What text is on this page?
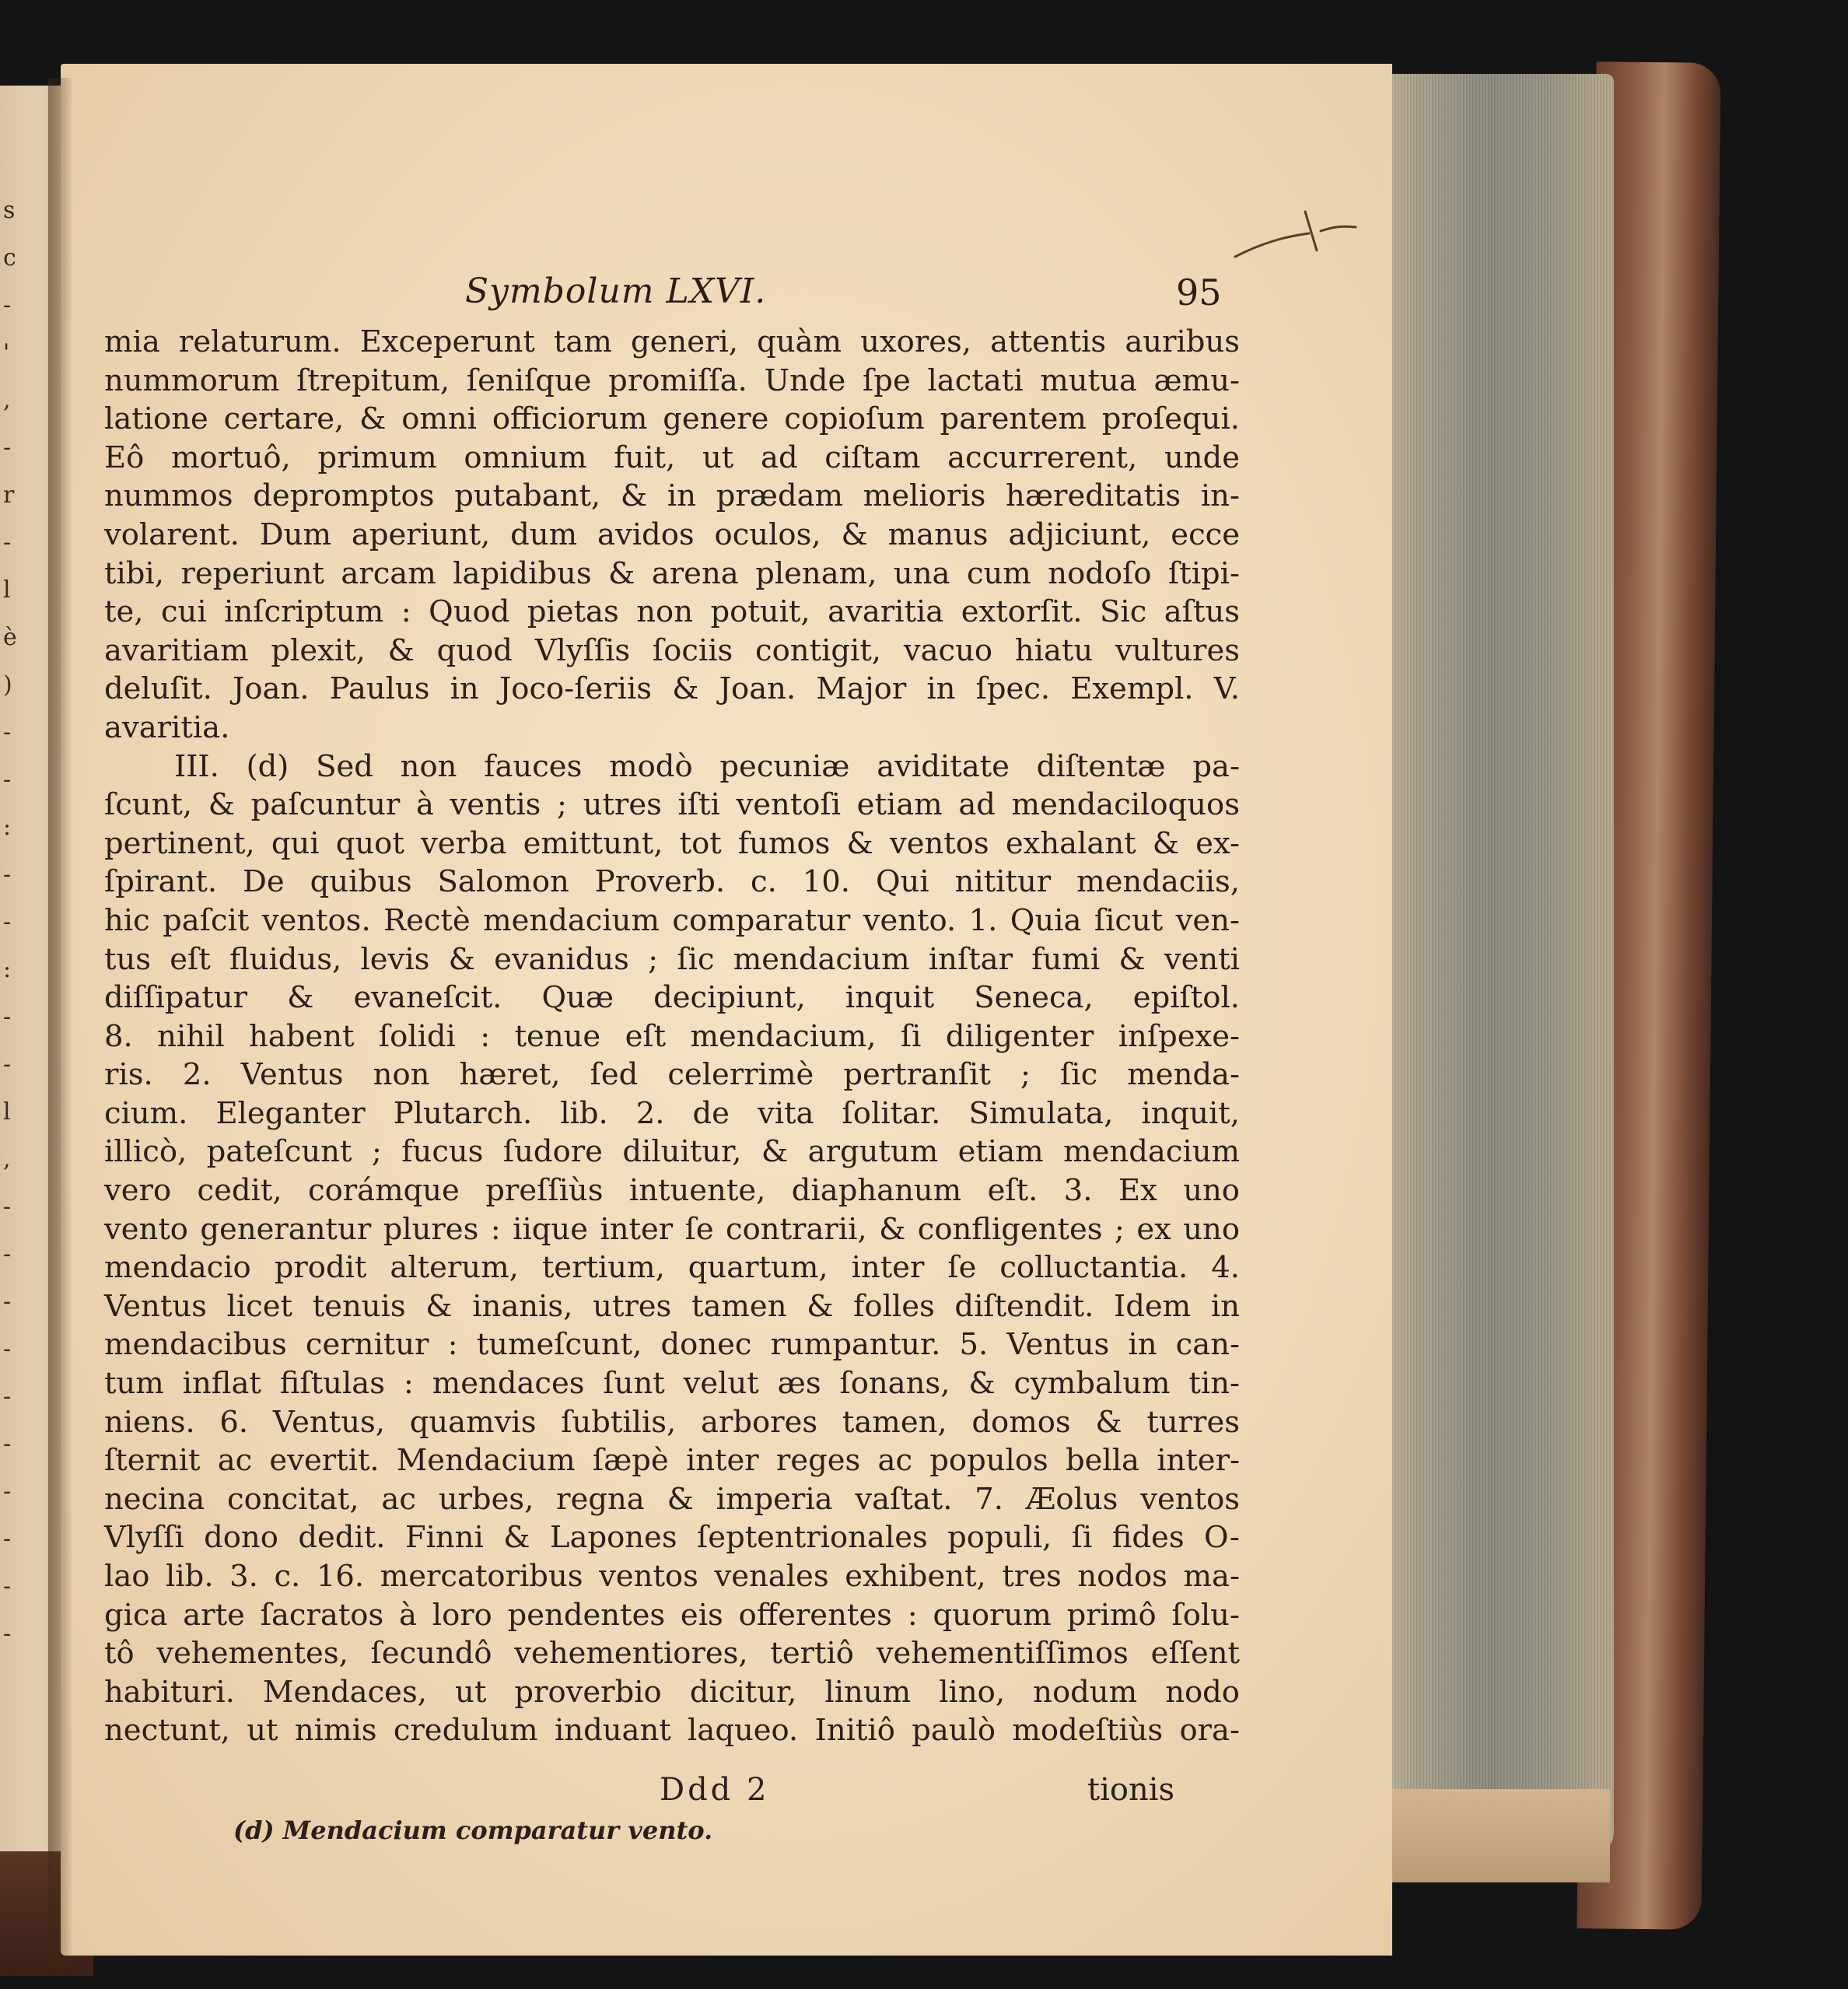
s
c
-
'
,
-
r
-
l
è
)
-
-
:
-
-
:
-
-
l
,
-
-
-
-
-
-
-
-
-
-
Symbolum LXVI.	95
mia relaturum. Exceperunt tam generi, quàm uxores, attentis auribus
nummorum ſtrepitum, ſeniſque promiſſa. Unde ſpe lactati mutua æmu-
latione certare, & omni officiorum genere copioſum parentem proſequi.
Eô mortuô, primum omnium fuit, ut ad ciſtam accurrerent, unde
nummos depromptos putabant, & in prædam melioris hæreditatis in-
volarent. Dum aperiunt, dum avidos oculos, & manus adjiciunt, ecce
tibi, reperiunt arcam lapidibus & arena plenam, una cum nodoſo ſtipi-
te, cui inſcriptum : Quod pietas non potuit, avaritia extorſit. Sic aſtus
avaritiam plexit, & quod Vlyſſis ſociis contigit, vacuo hiatu vultures
deluſit. Joan. Paulus in Joco-ſeriis & Joan. Major in ſpec. Exempl. V.
avaritia.
III. (d) Sed non fauces modò pecuniæ aviditate diſtentæ pa-
ſcunt, & paſcuntur à ventis ; utres iſti ventoſi etiam ad mendaciloquos
pertinent, qui quot verba emittunt, tot fumos & ventos exhalant & ex-
ſpirant. De quibus Salomon Proverb. c. 10. Qui nititur mendaciis,
hic paſcit ventos. Rectè mendacium comparatur vento. 1. Quia ſicut ven-
tus eſt fluidus, levis & evanidus ; ſic mendacium inſtar fumi & venti
diſſipatur & evaneſcit. Quæ decipiunt, inquit Seneca, epiſtol.
8. nihil habent ſolidi : tenue eſt mendacium, ſi diligenter inſpexe-
ris. 2. Ventus non hæret, ſed celerrimè pertranſit ; ſic menda-
cium. Eleganter Plutarch. lib. 2. de vita ſolitar. Simulata, inquit,
illicò, pateſcunt ; fucus ſudore diluitur, & argutum etiam mendacium
vero cedit, corámque preſſiùs intuente, diaphanum eſt. 3. Ex uno
vento generantur plures : iique inter ſe contrarii, & confligentes ; ex uno
mendacio prodit alterum, tertium, quartum, inter ſe colluctantia. 4.
Ventus licet tenuis & inanis, utres tamen & folles diſtendit. Idem in
mendacibus cernitur : tumeſcunt, donec rumpantur. 5. Ventus in can-
tum inflat fiſtulas : mendaces ſunt velut æs ſonans, & cymbalum tin-
niens. 6. Ventus, quamvis ſubtilis, arbores tamen, domos & turres
ſternit ac evertit. Mendacium ſæpè inter reges ac populos bella inter-
necina concitat, ac urbes, regna & imperia vaſtat. 7. Æolus ventos
Vlyſſi dono dedit. Finni & Lapones ſeptentrionales populi, ſi fides O-
lao lib. 3. c. 16. mercatoribus ventos venales exhibent, tres nodos ma-
gica arte ſacratos à loro pendentes eis offerentes : quorum primô ſolu-
tô vehementes, ſecundô vehementiores, tertiô vehementiſſimos eſſent
habituri. Mendaces, ut proverbio dicitur, linum lino, nodum nodo
nectunt, ut nimis credulum induant laqueo. Initiô paulò modeſtiùs ora-
Ddd 2	tionis
(d) Mendacium comparatur vento.
